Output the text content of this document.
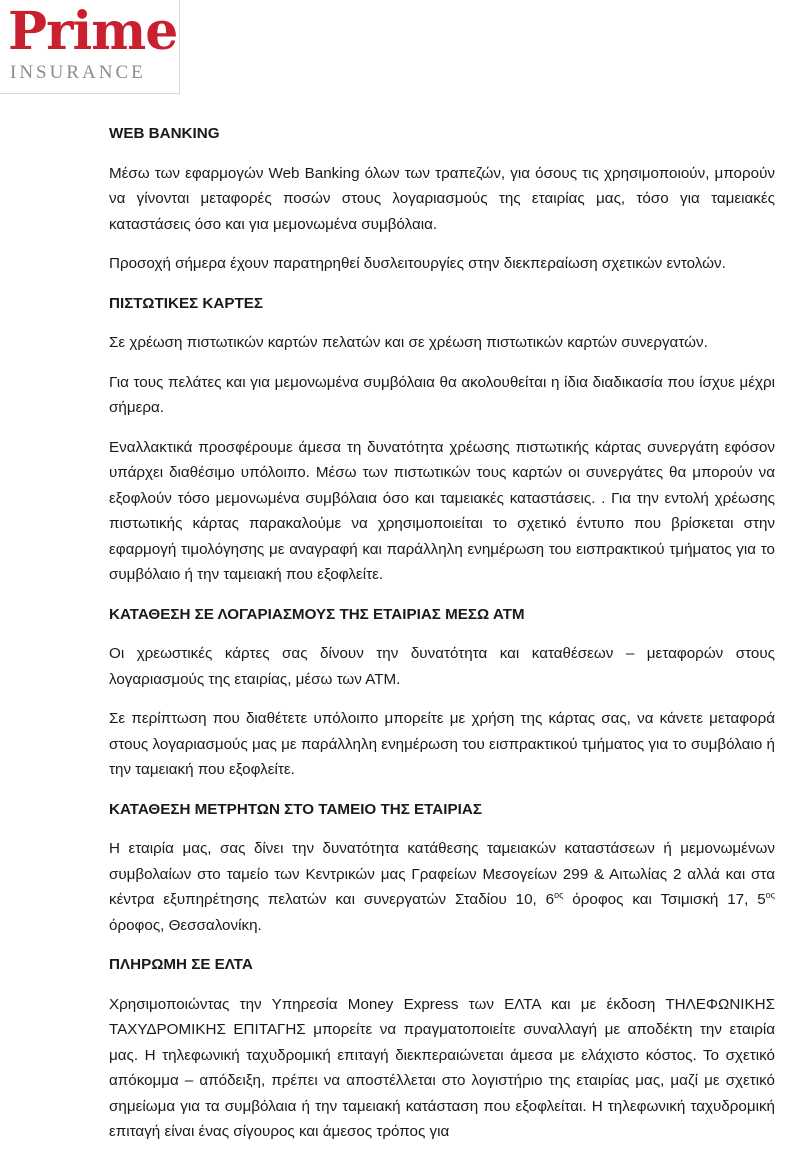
Prime
INSURANCE
WEB BANKING

Μέσω των εφαρμογών Web Banking όλων των τραπεζών, για όσους τις χρησιμοποιούν, μπορούν να γίνονται μεταφορές ποσών στους λογαριασμούς της εταιρίας μας, τόσο για ταμειακές καταστάσεις όσο και για μεμονωμένα συμβόλαια.

Προσοχή σήμερα έχουν παρατηρηθεί δυσλειτουργίες στην διεκπεραίωση σχετικών εντολών.

ΠΙΣΤΩΤΙΚΕΣ ΚΑΡΤΕΣ

Σε χρέωση πιστωτικών καρτών πελατών και σε χρέωση πιστωτικών καρτών συνεργατών.

Για τους πελάτες και για μεμονωμένα συμβόλαια θα ακολουθείται η ίδια διαδικασία που ίσχυε μέχρι σήμερα.

Εναλλακτικά προσφέρουμε άμεσα τη δυνατότητα χρέωσης πιστωτικής κάρτας συνεργάτη εφόσον υπάρχει διαθέσιμο υπόλοιπο. Μέσω των πιστωτικών τους καρτών οι συνεργάτες θα μπορούν να εξοφλούν τόσο μεμονωμένα συμβόλαια όσο και ταμειακές καταστάσεις. . Για την εντολή χρέωσης πιστωτικής κάρτας παρακαλούμε να χρησιμοποιείται το σχετικό έντυπο που βρίσκεται στην εφαρμογή τιμολόγησης με αναγραφή και παράλληλη ενημέρωση του εισπρακτικού τμήματος για το συμβόλαιο ή την ταμειακή που εξοφλείτε.

ΚΑΤΑΘΕΣΗ ΣΕ ΛΟΓΑΡΙΑΣΜΟΥΣ ΤΗΣ ΕΤΑΙΡΙΑΣ ΜΕΣΩ ΑΤΜ

Οι χρεωστικές κάρτες σας δίνουν την δυνατότητα και καταθέσεων – μεταφορών στους λογαριασμούς της εταιρίας, μέσω των ΑΤΜ.

Σε περίπτωση που διαθέτετε υπόλοιπο μπορείτε με χρήση της κάρτας σας, να κάνετε μεταφορά στους λογαριασμούς μας με παράλληλη ενημέρωση του εισπρακτικού τμήματος για το συμβόλαιο ή την ταμειακή που εξοφλείτε.

ΚΑΤΑΘΕΣΗ ΜΕΤΡΗΤΩΝ ΣΤΟ ΤΑΜΕΙΟ ΤΗΣ ΕΤΑΙΡΙΑΣ

Η εταιρία μας, σας δίνει την δυνατότητα κατάθεσης ταμειακών καταστάσεων ή μεμονωμένων συμβολαίων στο ταμείο των Κεντρικών μας Γραφείων Μεσογείων 299 & Αιτωλίας 2 αλλά και στα κέντρα εξυπηρέτησης πελατών και συνεργατών Σταδίου 10, $6^{o\varsigma}$ όροφος και Τσιμισκή 17, $5^{o\varsigma}$ όροφος, Θεσσαλονίκη.

ΠΛΗΡΩΜΗ ΣΕ ΕΛΤΑ

Χρησιμοποιώντας την Υπηρεσία Money Express των ΕΛΤΑ και με έκδοση ΤΗΛΕΦΩΝΙΚΗΣ ΤΑΧΥΔΡΟΜΙΚΗΣ ΕΠΙΤΑΓΗΣ μπορείτε να πραγματοποιείτε συναλλαγή με αποδέκτη την εταιρία μας. Η τηλεφωνική ταχυδρομική επιταγή διεκπεραιώνεται άμεσα με ελάχιστο κόστος. Το σχετικό απόκομμα – απόδειξη, πρέπει να αποστέλλεται στο λογιστήριο της εταιρίας μας, μαζί με σχετικό σημείωμα για τα συμβόλαια ή την ταμειακή κατάσταση που εξοφλείται. Η τηλεφωνική ταχυδρομική επιταγή είναι ένας σίγουρος και άμεσος τρόπος για
